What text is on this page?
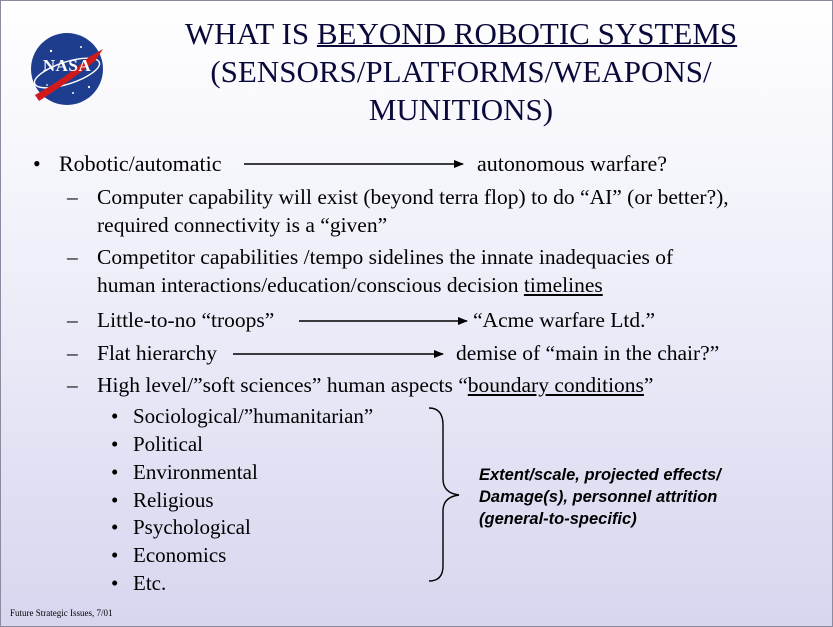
NASA
WHAT IS BEYOND ROBOTIC SYSTEMS
(SENSORS/PLATFORMS/WEAPONS/
MUNITIONS)
• Robotic/automatic	autonomous warfare?
– Computer capability will exist (beyond terra flop) to do “AI” (or better?),
required connectivity is a “given”
– Competitor capabilities /tempo sidelines the innate inadequacies of
human interactions/education/conscious decision timelines
– Little-to-no “troops”	“Acme warfare Ltd.”
– Flat hierarchy	demise of “main in the chair?”
– High level/”soft sciences” human aspects “boundary conditions”
• Sociological/”humanitarian”
• Political
• Environmental
• Religious
• Psychological
• Economics
• Etc.
Extent/scale, projected effects/
Damage(s), personnel attrition
(general-to-specific)
Future Strategic Issues, 7/01
